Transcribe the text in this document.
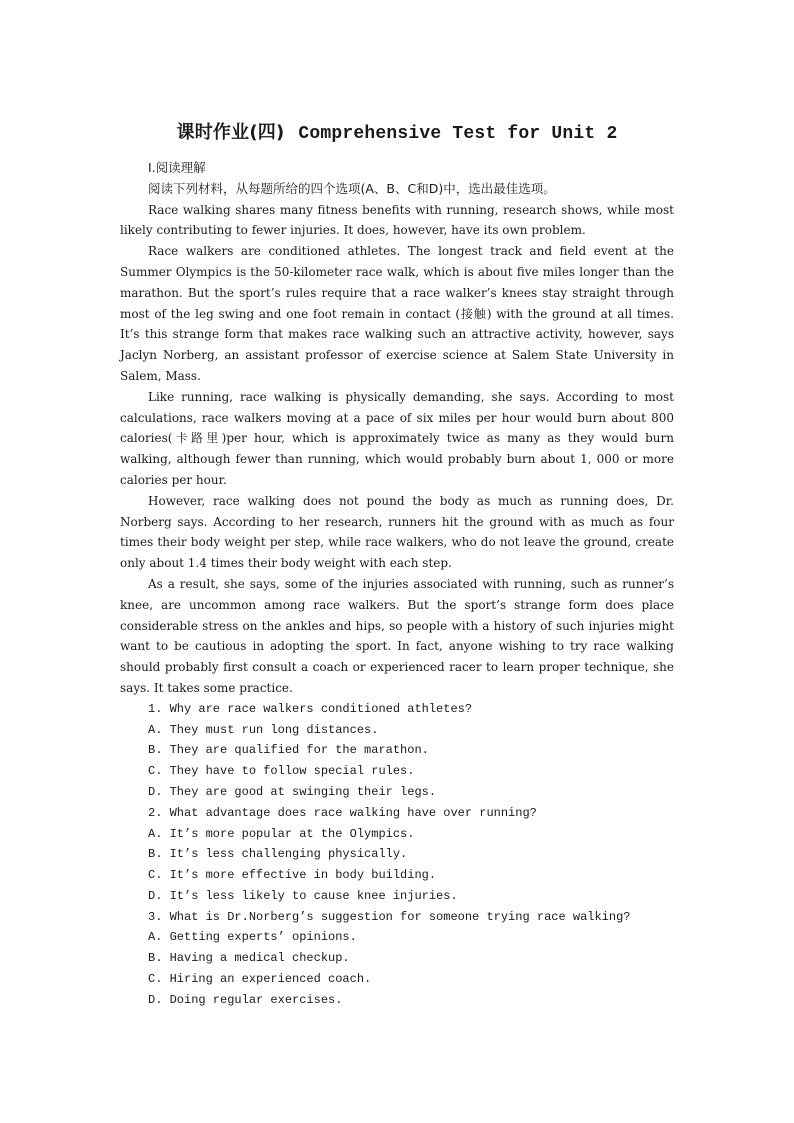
课时作业(四) Comprehensive Test for Unit 2

Ⅰ.阅读理解

阅读下列材料，从每题所给的四个选项(A、B、C和D)中，选出最佳选项。

Race walking shares many fitness benefits with running, research shows, while most likely contributing to fewer injuries. It does, however, have its own problem.

Race walkers are conditioned athletes. The longest track and field event at the Summer Olympics is the 50-kilometer race walk, which is about five miles longer than the marathon. But the sport’s rules require that a race walker’s knees stay straight through most of the leg swing and one foot remain in contact (接触) with the ground at all times. It’s this strange form that makes race walking such an attractive activity, however, says Jaclyn Norberg, an assistant professor of exercise science at Salem State University in Salem, Mass.

Like running, race walking is physically demanding, she says. According to most calculations, race walkers moving at a pace of six miles per hour would burn about 800 calories(卡路里)per hour, which is approximately twice as many as they would burn walking, although fewer than running, which would probably burn about 1, 000 or more calories per hour.

However, race walking does not pound the body as much as running does, Dr. Norberg says. According to her research, runners hit the ground with as much as four times their body weight per step, while race walkers, who do not leave the ground, create only about 1.4 times their body weight with each step.

As a result, she says, some of the injuries associated with running, such as runner’s knee, are uncommon among race walkers. But the sport’s strange form does place considerable stress on the ankles and hips, so people with a history of such injuries might want to be cautious in adopting the sport. In fact, anyone wishing to try race walking should probably first consult a coach or experienced racer to learn proper technique, she says. It takes some practice.

1. Why are race walkers conditioned athletes?

A. They must run long distances.

B. They are qualified for the marathon.

C. They have to follow special rules.

D. They are good at swinging their legs.

2. What advantage does race walking have over running?

A. It’s more popular at the Olympics.

B. It’s less challenging physically.

C. It’s more effective in body building.

D. It’s less likely to cause knee injuries.

3. What is Dr.Norberg’s suggestion for someone trying race walking?

A. Getting experts’ opinions.

B. Having a medical checkup.

C. Hiring an experienced coach.

D. Doing regular exercises.
